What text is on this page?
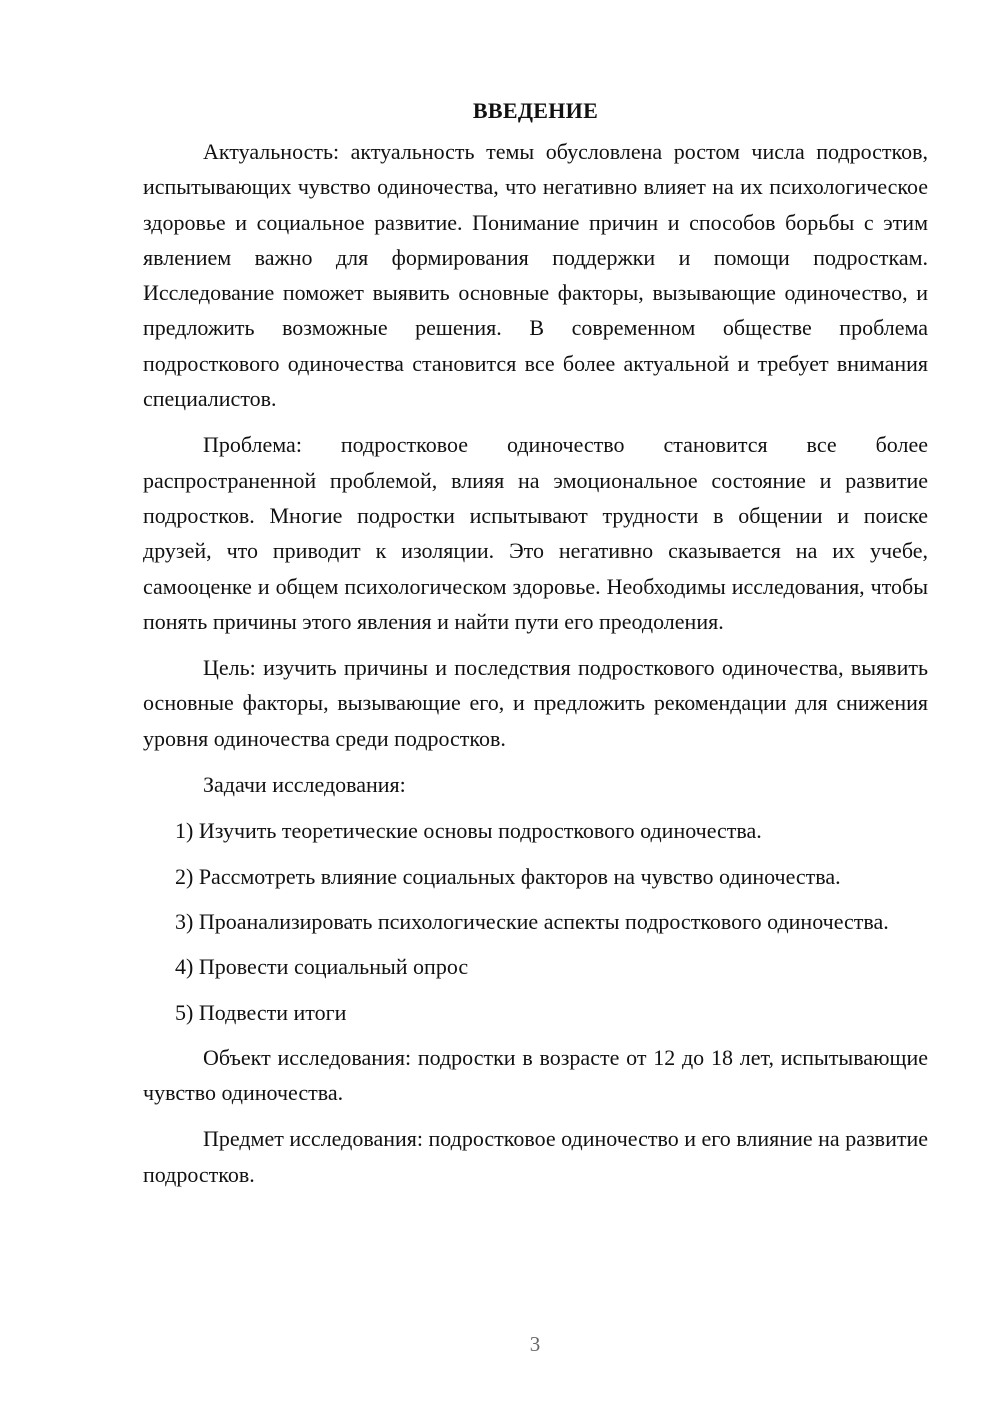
ВВЕДЕНИЕ

Актуальность: актуальность темы обусловлена ростом числа подростков, испытывающих чувство одиночества, что негативно влияет на их психологическое здоровье и социальное развитие. Понимание причин и способов борьбы с этим явлением важно для формирования поддержки и помощи подросткам. Исследование поможет выявить основные факторы, вызывающие одиночество, и предложить возможные решения. В современном обществе проблема подросткового одиночества становится все более актуальной и требует внимания специалистов.

Проблема: подростковое одиночество становится все более распространенной проблемой, влияя на эмоциональное состояние и развитие подростков. Многие подростки испытывают трудности в общении и поиске друзей, что приводит к изоляции. Это негативно сказывается на их учебе, самооценке и общем психологическом здоровье. Необходимы исследования, чтобы понять причины этого явления и найти пути его преодоления.

Цель: изучить причины и последствия подросткового одиночества, выявить основные факторы, вызывающие его, и предложить рекомендации для снижения уровня одиночества среди подростков.

Задачи исследования:

1) Изучить теоретические основы подросткового одиночества.

2) Рассмотреть влияние социальных факторов на чувство одиночества.

3) Проанализировать психологические аспекты подросткового одиночества.

4) Провести социальный опрос

5) Подвести итоги

Объект исследования: подростки в возрасте от 12 до 18 лет, испытывающие чувство одиночества.

Предмет исследования: подростковое одиночество и его влияние на развитие подростков.

3
